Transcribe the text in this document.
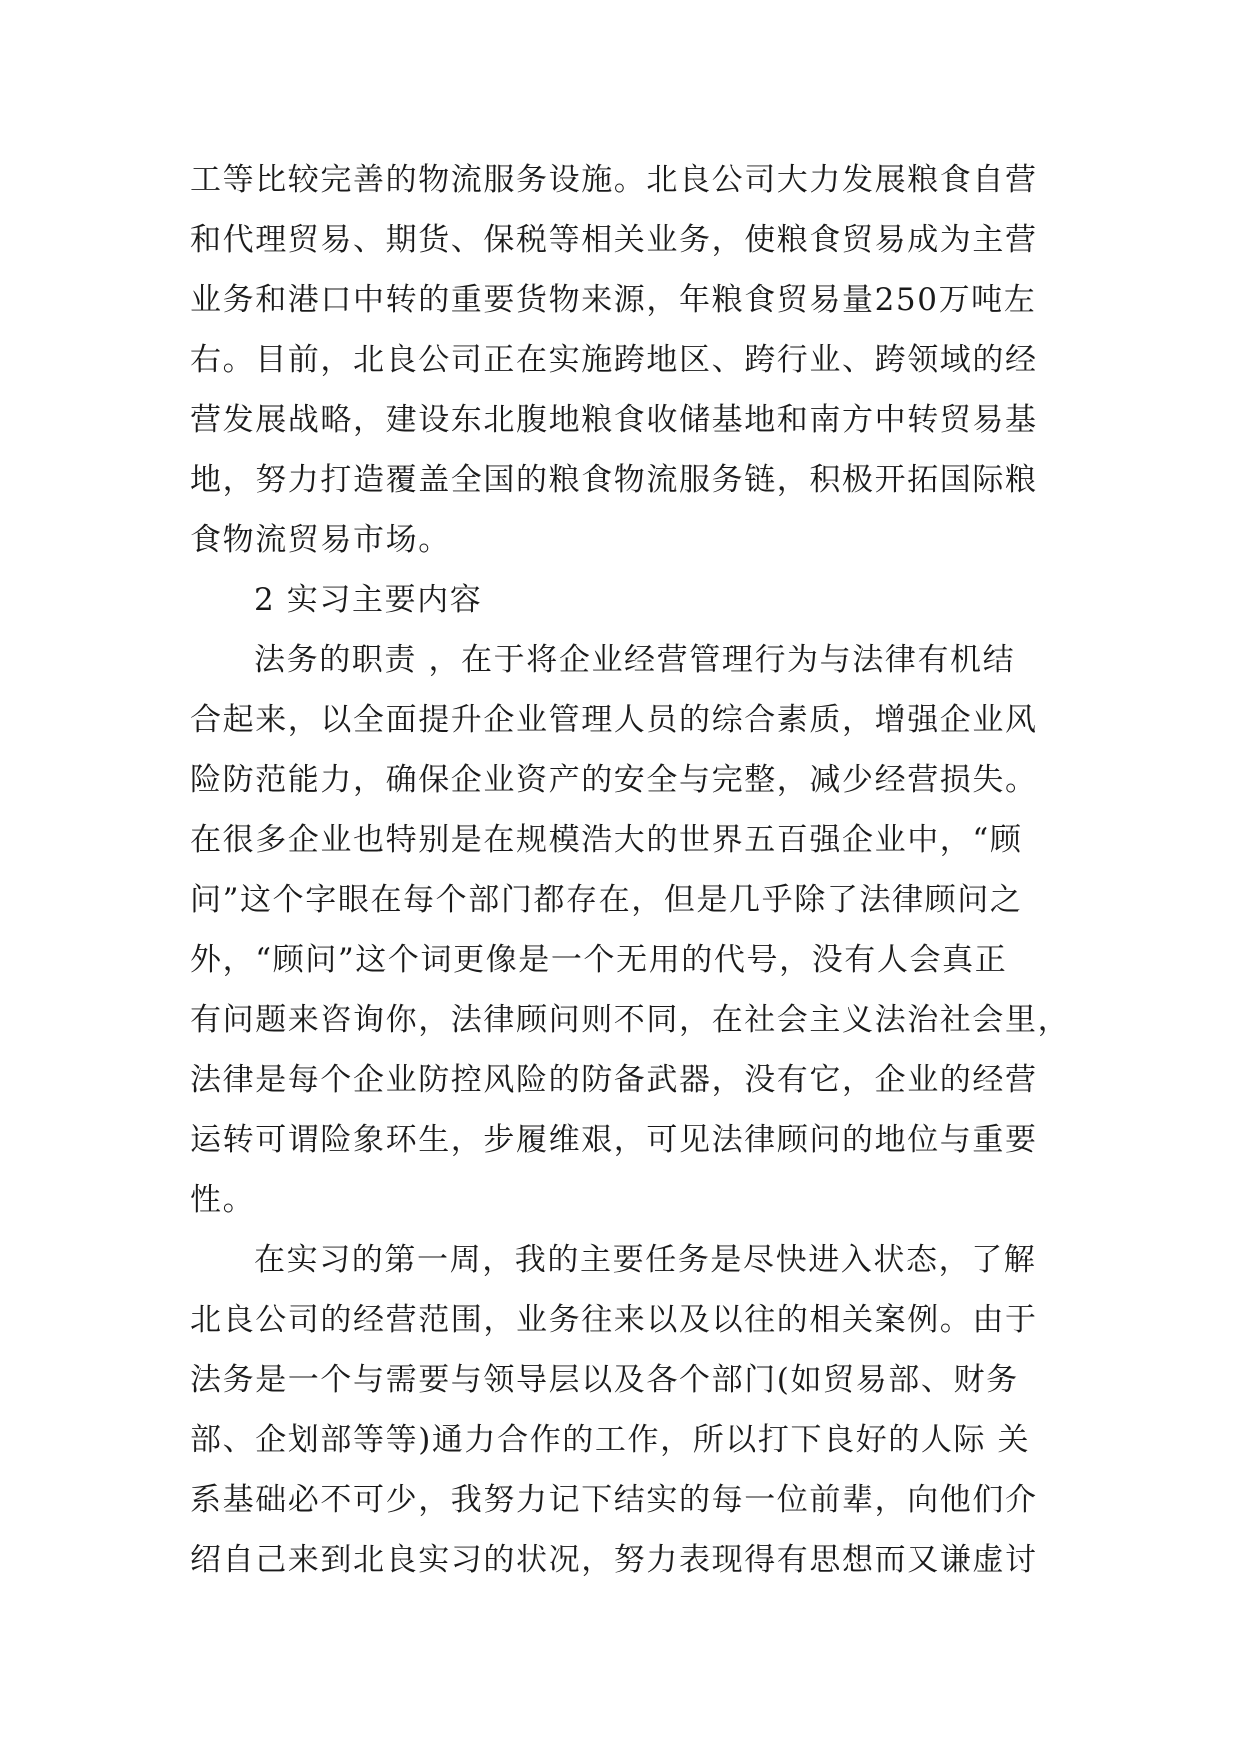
工等比较完善的物流服务设施。北良公司大力发展粮食自营
和代理贸易、期货、保税等相关业务，使粮食贸易成为主营
业务和港口中转的重要货物来源，年粮食贸易量250万吨左
右。目前，北良公司正在实施跨地区、跨行业、跨领域的经
营发展战略，建设东北腹地粮食收储基地和南方中转贸易基
地，努力打造覆盖全国的粮食物流服务链，积极开拓国际粮
食物流贸易市场。
2 实习主要内容
法务的职责 ，在于将企业经营管理行为与法律有机结
合起来，以全面提升企业管理人员的综合素质，增强企业风
险防范能力，确保企业资产的安全与完整，减少经营损失。
在很多企业也特别是在规模浩大的世界五百强企业中，“顾
问”这个字眼在每个部门都存在，但是几乎除了法律顾问之
外，“顾问”这个词更像是一个无用的代号，没有人会真正
有问题来咨询你，法律顾问则不同，在社会主义法治社会里，
法律是每个企业防控风险的防备武器，没有它，企业的经营
运转可谓险象环生，步履维艰，可见法律顾问的地位与重要
性。
在实习的第一周，我的主要任务是尽快进入状态，了解
北良公司的经营范围，业务往来以及以往的相关案例。由于
法务是一个与需要与领导层以及各个部门(如贸易部、财务
部、企划部等等)通力合作的工作，所以打下良好的人际 关
系基础必不可少，我努力记下结实的每一位前辈，向他们介
绍自己来到北良实习的状况，努力表现得有思想而又谦虚讨
